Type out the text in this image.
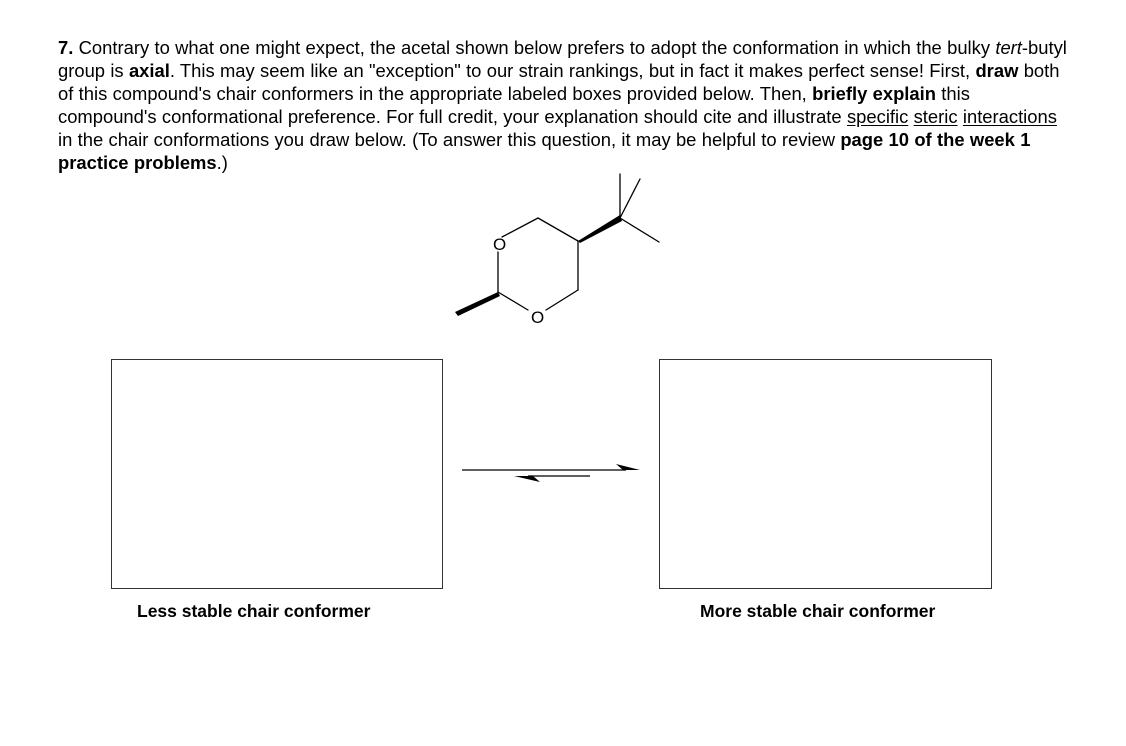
7. Contrary to what one might expect, the acetal shown below prefers to adopt the conformation in which the bulky tert-butyl group is axial. This may seem like an "exception" to our strain rankings, but in fact it makes perfect sense! First, draw both of this compound's chair conformers in the appropriate labeled boxes provided below. Then, briefly explain this compound's conformational preference. For full credit, your explanation should cite and illustrate specific steric interactions in the chair conformations you draw below. (To answer this question, it may be helpful to review page 10 of the week 1 practice problems.)
O
O
Less stable chair conformer	More stable chair conformer
